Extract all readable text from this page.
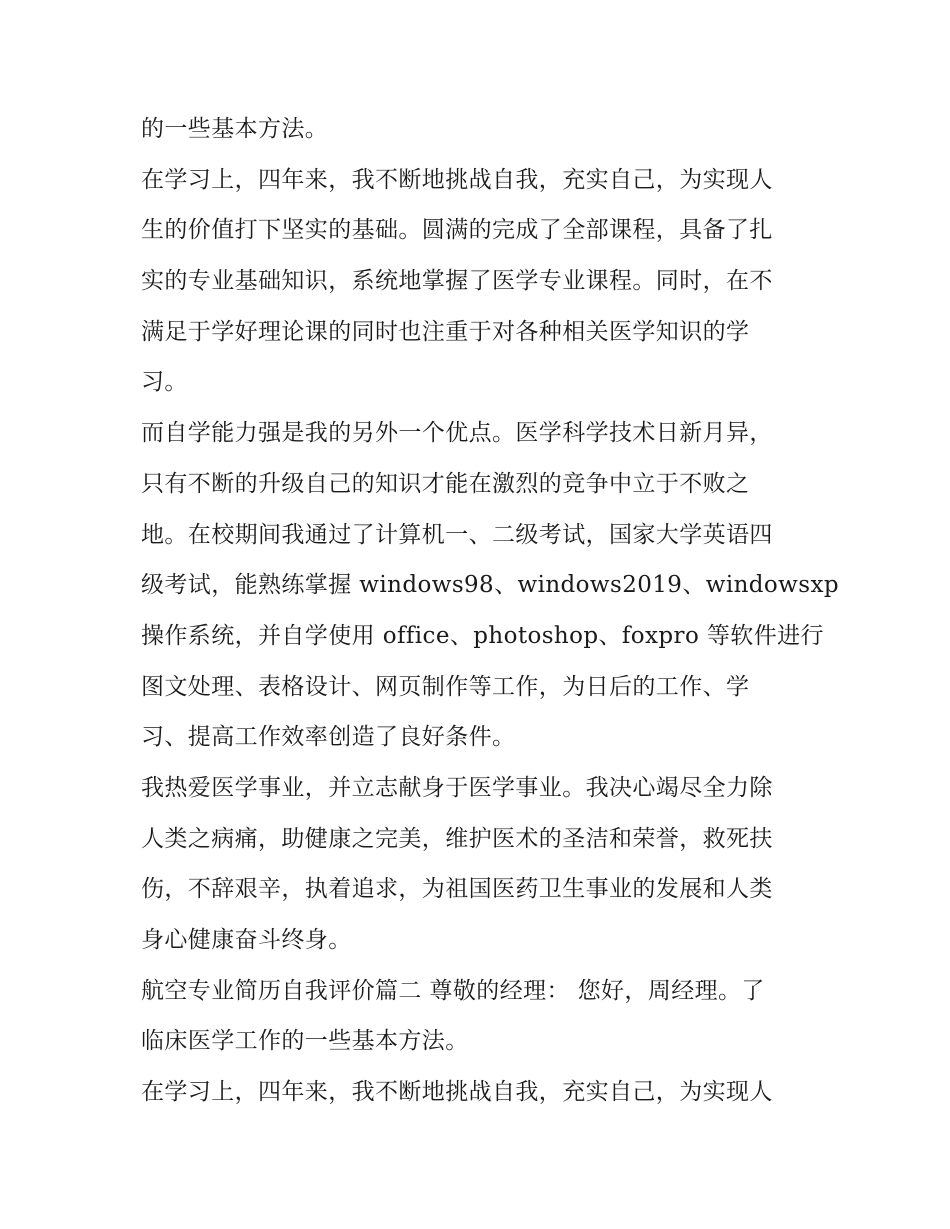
的一些基本方法。

在学习上，四年来，我不断地挑战自我，充实自己，为实现人
生的价值打下坚实的基础。圆满的完成了全部课程，具备了扎
实的专业基础知识，系统地掌握了医学专业课程。同时，在不
满足于学好理论课的同时也注重于对各种相关医学知识的学
习。

而自学能力强是我的另外一个优点。医学科学技术日新月异，
只有不断的升级自己的知识才能在激烈的竞争中立于不败之
地。在校期间我通过了计算机一、二级考试，国家大学英语四
级考试，能熟练掌握 windows98、windows2019、windowsxp
操作系统，并自学使用 office、photoshop、foxpro 等软件进行
图文处理、表格设计、网页制作等工作，为日后的工作、学
习、提高工作效率创造了良好条件。

我热爱医学事业，并立志献身于医学事业。我决心竭尽全力除
人类之病痛，助健康之完美，维护医术的圣洁和荣誉，救死扶
伤，不辞艰辛，执着追求，为祖国医药卫生事业的发展和人类
身心健康奋斗终身。

航空专业简历自我评价篇二 尊敬的经理： 您好，周经理。了
临床医学工作的一些基本方法。

在学习上，四年来，我不断地挑战自我，充实自己，为实现人
